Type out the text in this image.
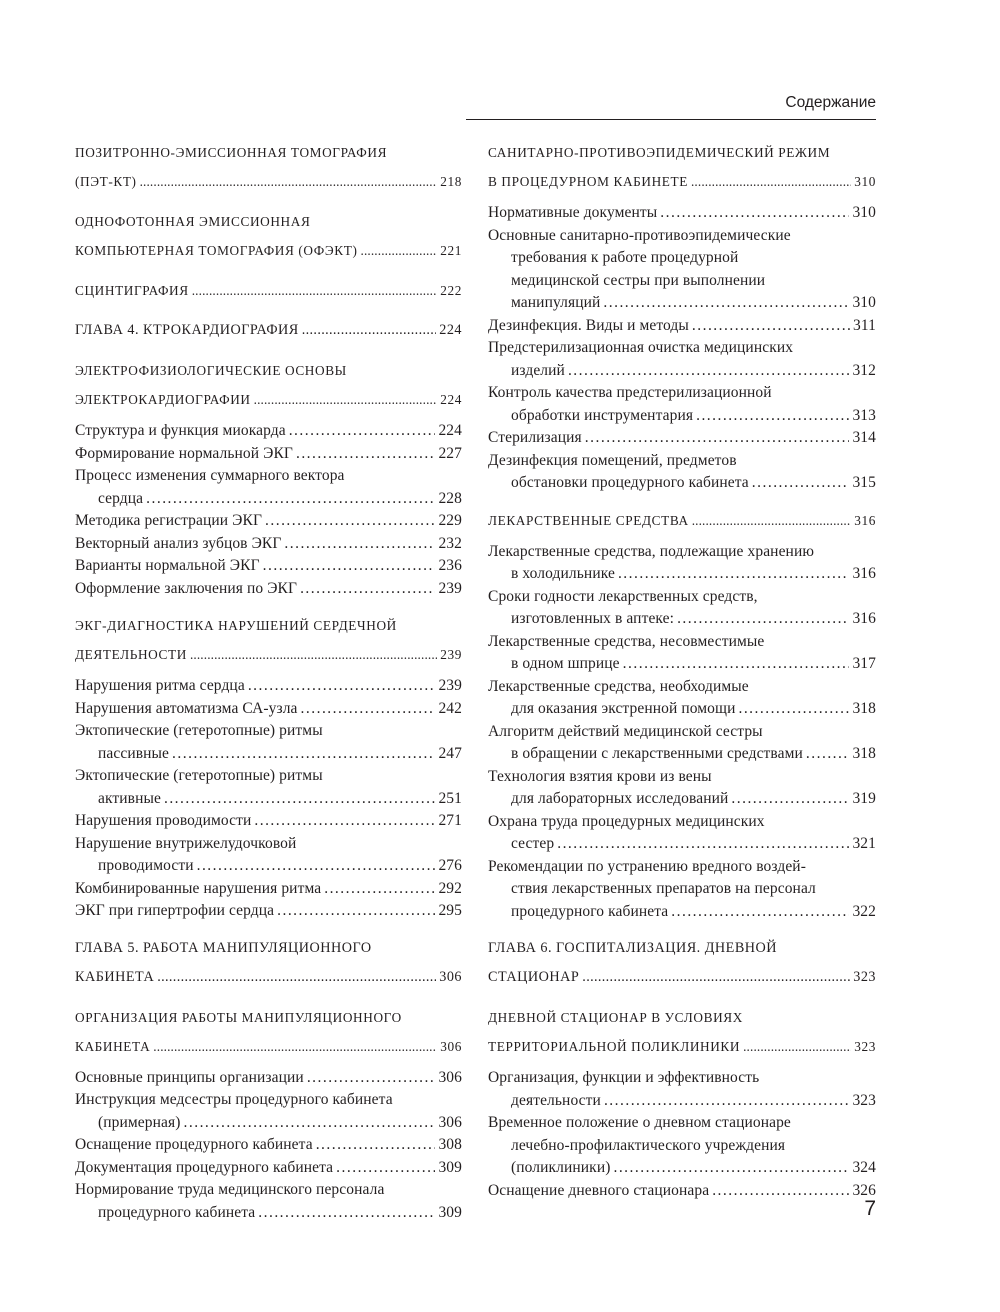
Содержание
ПОЗИТРОННО-ЭМИССИОННАЯ ТОМОГРАФИЯ
(ПЭТ-КТ) . . .	218
ОДНОФОТОННАЯ ЭМИССИОННАЯ
КОМПЬЮТЕРНАЯ ТОМОГРАФИЯ (ОФЭКТ) . . .	221
СЦИНТИГРАФИЯ . . .	222
ГЛАВА 4. КТРОКАРДИОГРАФИЯ . . .	224
ЭЛЕКТРОФИЗИОЛОГИЧЕСКИЕ ОСНОВЫ
ЭЛЕКТРОКАРДИОГРАФИИ . . .	224
Структура и функция миокарда . . .	224
Формирование нормальной ЭКГ . . .	227
Процесс изменения суммарного вектора
сердца . . .	228
Методика регистрации ЭКГ . . .	229
Векторный анализ зубцов ЭКГ . . .	232
Варианты нормальной ЭКГ . . .	236
Оформление заключения по ЭКГ . . .	239
ЭКГ-ДИАГНОСТИКА НАРУШЕНИЙ СЕРДЕЧНОЙ
ДЕЯТЕЛЬНОСТИ . . .	239
Нарушения ритма сердца . . .	239
Нарушения автоматизма СА-узла . . .	242
Эктопические (гетеротопные) ритмы
пассивные . . .	247
Эктопические (гетеротопные) ритмы
активные . . .	251
Нарушения проводимости . . .	271
Нарушение внутрижелудочковой
проводимости . . .	276
Комбинированные нарушения ритма . . .	292
ЭКГ при гипертрофии сердца . . .	295
ГЛАВА 5. РАБОТА МАНИПУЛЯЦИОННОГО
КАБИНЕТА . . .	306
ОРГАНИЗАЦИЯ РАБОТЫ МАНИПУЛЯЦИОННОГО
КАБИНЕТА . . .	306
Основные принципы организации . . .	306
Инструкция медсестры процедурного кабинета
(примерная) . . .	306
Оснащение процедурного кабинета . . .	308
Документация процедурного кабинета . . .	309
Нормирование труда медицинского персонала
процедурного кабинета . . .	309
САНИТАРНО-ПРОТИВОЭПИДЕМИЧЕСКИЙ РЕЖИМ
В ПРОЦЕДУРНОМ КАБИНЕТЕ . . .	310
Нормативные документы . . .	310
Основные санитарно-противоэпидемические
требования к работе процедурной
медицинской сестры при выполнении
манипуляций . . .	310
Дезинфекция. Виды и методы . . .	311
Предстерилизационная очистка медицинских
изделий . . .	312
Контроль качества предстерилизационной
обработки инструментария . . .	313
Стерилизация . . .	314
Дезинфекция помещений, предметов
обстановки процедурного кабинета . . .	315
ЛЕКАРСТВЕННЫЕ СРЕДСТВА . . .	316
Лекарственные средства, подлежащие хранению
в холодильнике . . .	316
Сроки годности лекарственных средств,
изготовленных в аптеке: . . .	316
Лекарственные средства, несовместимые
в одном шприце . . .	317
Лекарственные средства, необходимые
для оказания экстренной помощи . . .	318
Алгоритм действий медицинской сестры
в обращении с лекарственными средствами . . .	318
Технология взятия крови из вены
для лабораторных исследований . . .	319
Охрана труда процедурных медицинских
сестер . . .	321
Рекомендации по устранению вредного воздей-
ствия лекарственных препаратов на персонал
процедурного кабинета . . .	322
ГЛАВА 6. ГОСПИТАЛИЗАЦИЯ. ДНЕВНОЙ
СТАЦИОНАР . . .	323
ДНЕВНОЙ СТАЦИОНАР В УСЛОВИЯХ
ТЕРРИТОРИАЛЬНОЙ ПОЛИКЛИНИКИ . . .	323
Организация, функции и эффективность
деятельности . . .	323
Временное положение о дневном стационаре
лечебно-профилактического учреждения
(поликлиники) . . .	324
Оснащение дневного стационара . . .	326
7
